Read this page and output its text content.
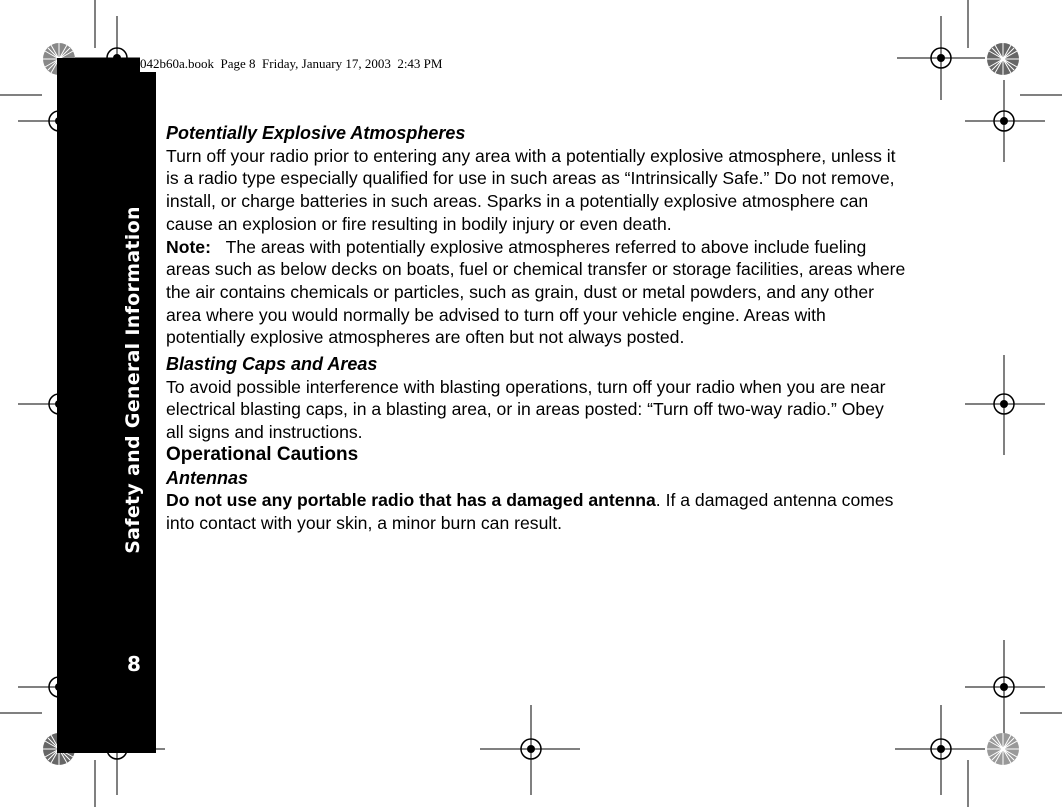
Safety and General Information
8
042b60a.book  Page 8  Friday, January 17, 2003  2:43 PM

Potentially Explosive Atmospheres

Turn off your radio prior to entering any area with a potentially explosive atmosphere, unless it is a radio type especially qualified for use in such areas as “Intrinsically Safe.” Do not remove, install, or charge batteries in such areas. Sparks in a potentially explosive atmosphere can cause an explosion or fire resulting in bodily injury or even death.

Note: The areas with potentially explosive atmospheres referred to above include fueling areas such as below decks on boats, fuel or chemical transfer or storage facilities, areas where the air contains chemicals or particles, such as grain, dust or metal powders, and any other area where you would normally be advised to turn off your vehicle engine. Areas with potentially explosive atmospheres are often but not always posted.

Blasting Caps and Areas

To avoid possible interference with blasting operations, turn off your radio when you are near electrical blasting caps, in a blasting area, or in areas posted: “Turn off two-way radio.” Obey all signs and instructions.

Operational Cautions

Antennas

Do not use any portable radio that has a damaged antenna. If a damaged antenna comes into contact with your skin, a minor burn can result.
